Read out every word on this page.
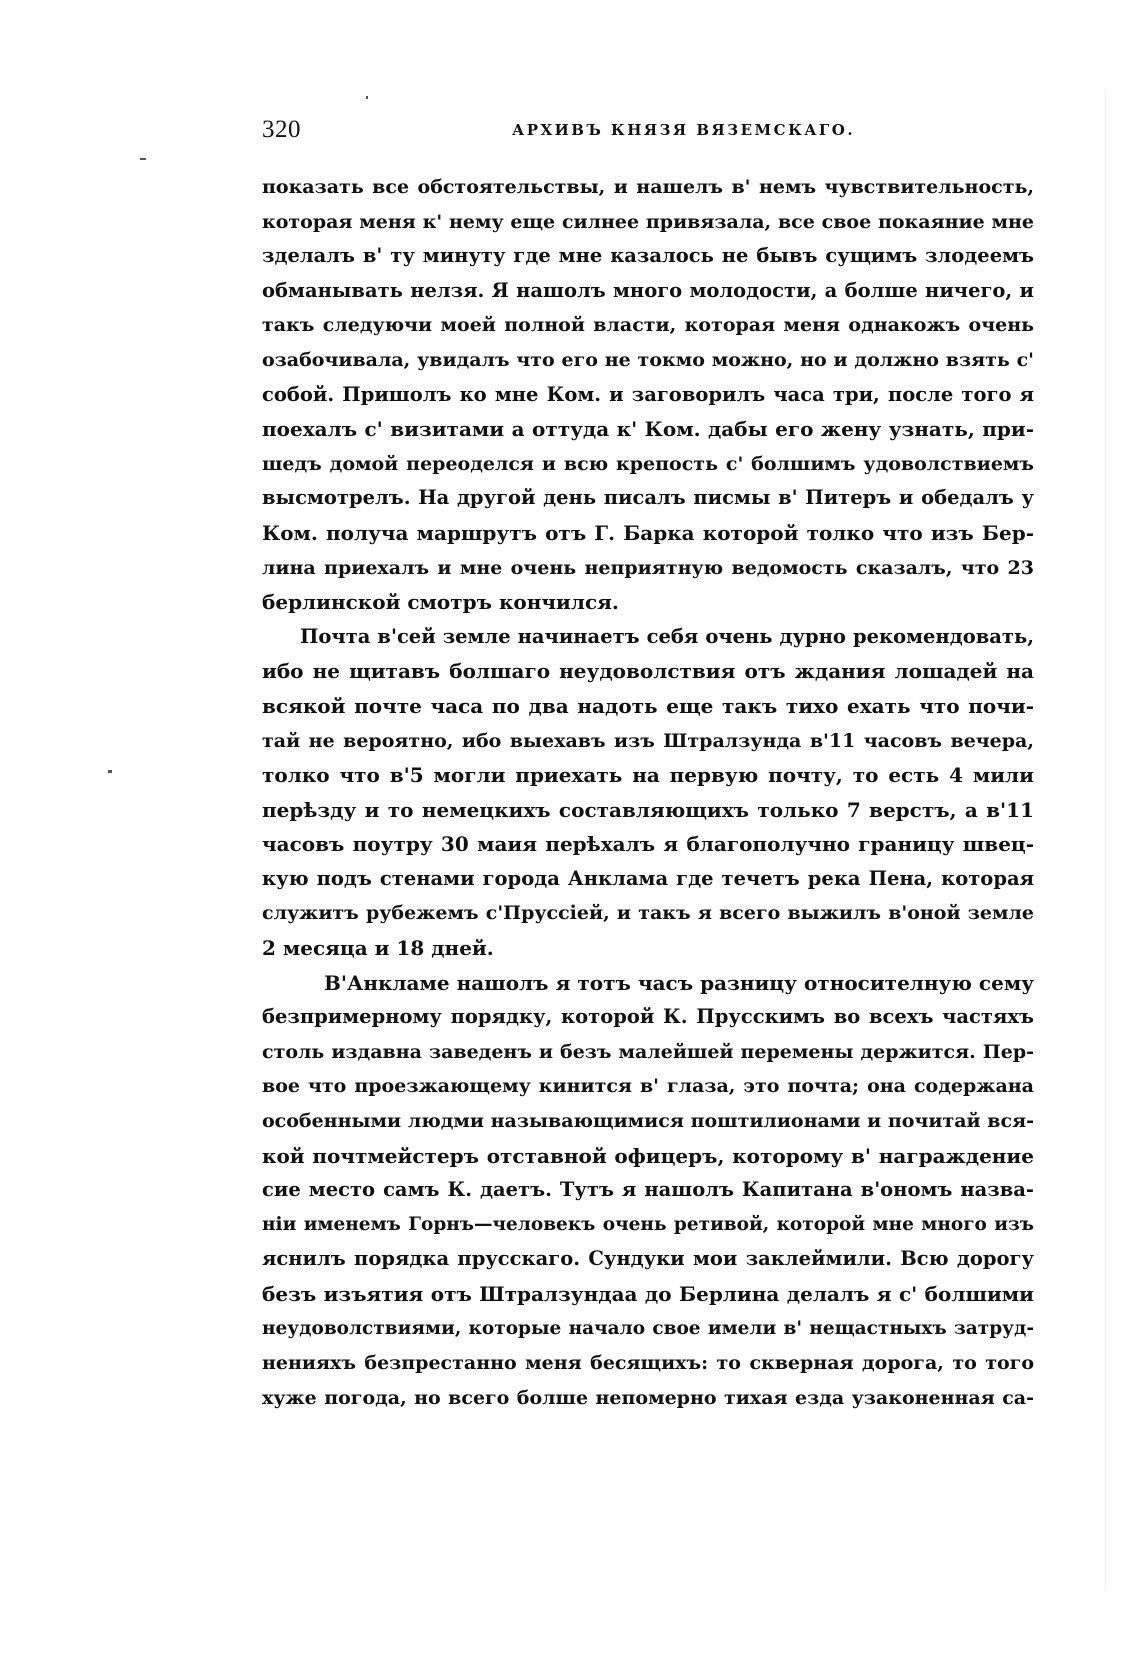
320	АРХИВЪ КНЯЗЯ ВЯЗЕМСКАГО.
показать все обстоятельствы, и нашелъ в' немъ чувствительность,
которая меня к' нему еще силнее привязала, все свое покаяние мне
зделалъ в' ту минуту где мне казалось не бывъ сущимъ злодеемъ
обманывать нелзя. Я нашолъ много молодости, а болше ничего, и
такъ следуючи моей полной власти, которая меня однакожъ очень
озабочивала, увидалъ что его не токмо можно, но и должно взять с'
собой. Пришолъ ко мне Ком. и заговорилъ часа три, после того я
поехалъ с' визитами а оттуда к' Ком. дабы его жену узнать, при-
шедъ домой переоделся и всю крепость с' болшимъ удоволствиемъ
высмотрелъ. На другой день писалъ писмы в' Питеръ и обедалъ у
Ком. получа маршрутъ отъ Г. Барка которой толко что изъ Бер-
лина приехалъ и мне очень неприятную ведомость сказалъ, что 23
берлинской смотръ кончился.
Почта в'сей земле начинаетъ себя очень дурно рекомендовать,
ибо не щитавъ болшаго неудоволствия отъ ждания лошадей на
всякой почте часа по два надоть еще такъ тихо ехать что почи-
тай не вероятно, ибо выехавъ изъ Штралзунда в'11 часовъ вечера,
толко что в'5 могли приехать на первую почту, то есть 4 мили
перѣзду и то немецкихъ составляющихъ только 7 верстъ, а в'11
часовъ поутру 30 маия перѣхалъ я благополучно границу швец-
кую подъ стенами города Анклама где течетъ река Пена, которая
служитъ рубежемъ с'Пруссiей, и такъ я всего выжилъ в'оной земле
2 месяца и 18 дней.
В'Анкламе нашолъ я тотъ часъ разницу относителную сему
безпримерному порядку, которой К. Прусскимъ во всехъ частяхъ
столь издавна заведенъ и безъ малейшей перемены держится. Пер-
вое что проезжающему кинится в' глаза, это почта; она содержана
особенными людми называющимися поштилионами и почитай вся-
кой почтмейстеръ отставной офицеръ, которому в' награждение
сие место самъ К. даетъ. Тутъ я нашолъ Капитана в'ономъ назва-
нiи именемъ Горнъ—человекъ очень ретивой, которой мне много изъ
яснилъ порядка прусскаго. Сундуки мои заклеймили. Всю дорогу
безъ изъятия отъ Штралзундаа до Берлина делалъ я с' болшими
неудоволствиями, которые начало свое имели в' нещастныхъ затруд-
ненияхъ безпрестанно меня бесящихъ: то скверная дорога, то того
хуже погода, но всего болше непомерно тихая езда узаконенная са-
